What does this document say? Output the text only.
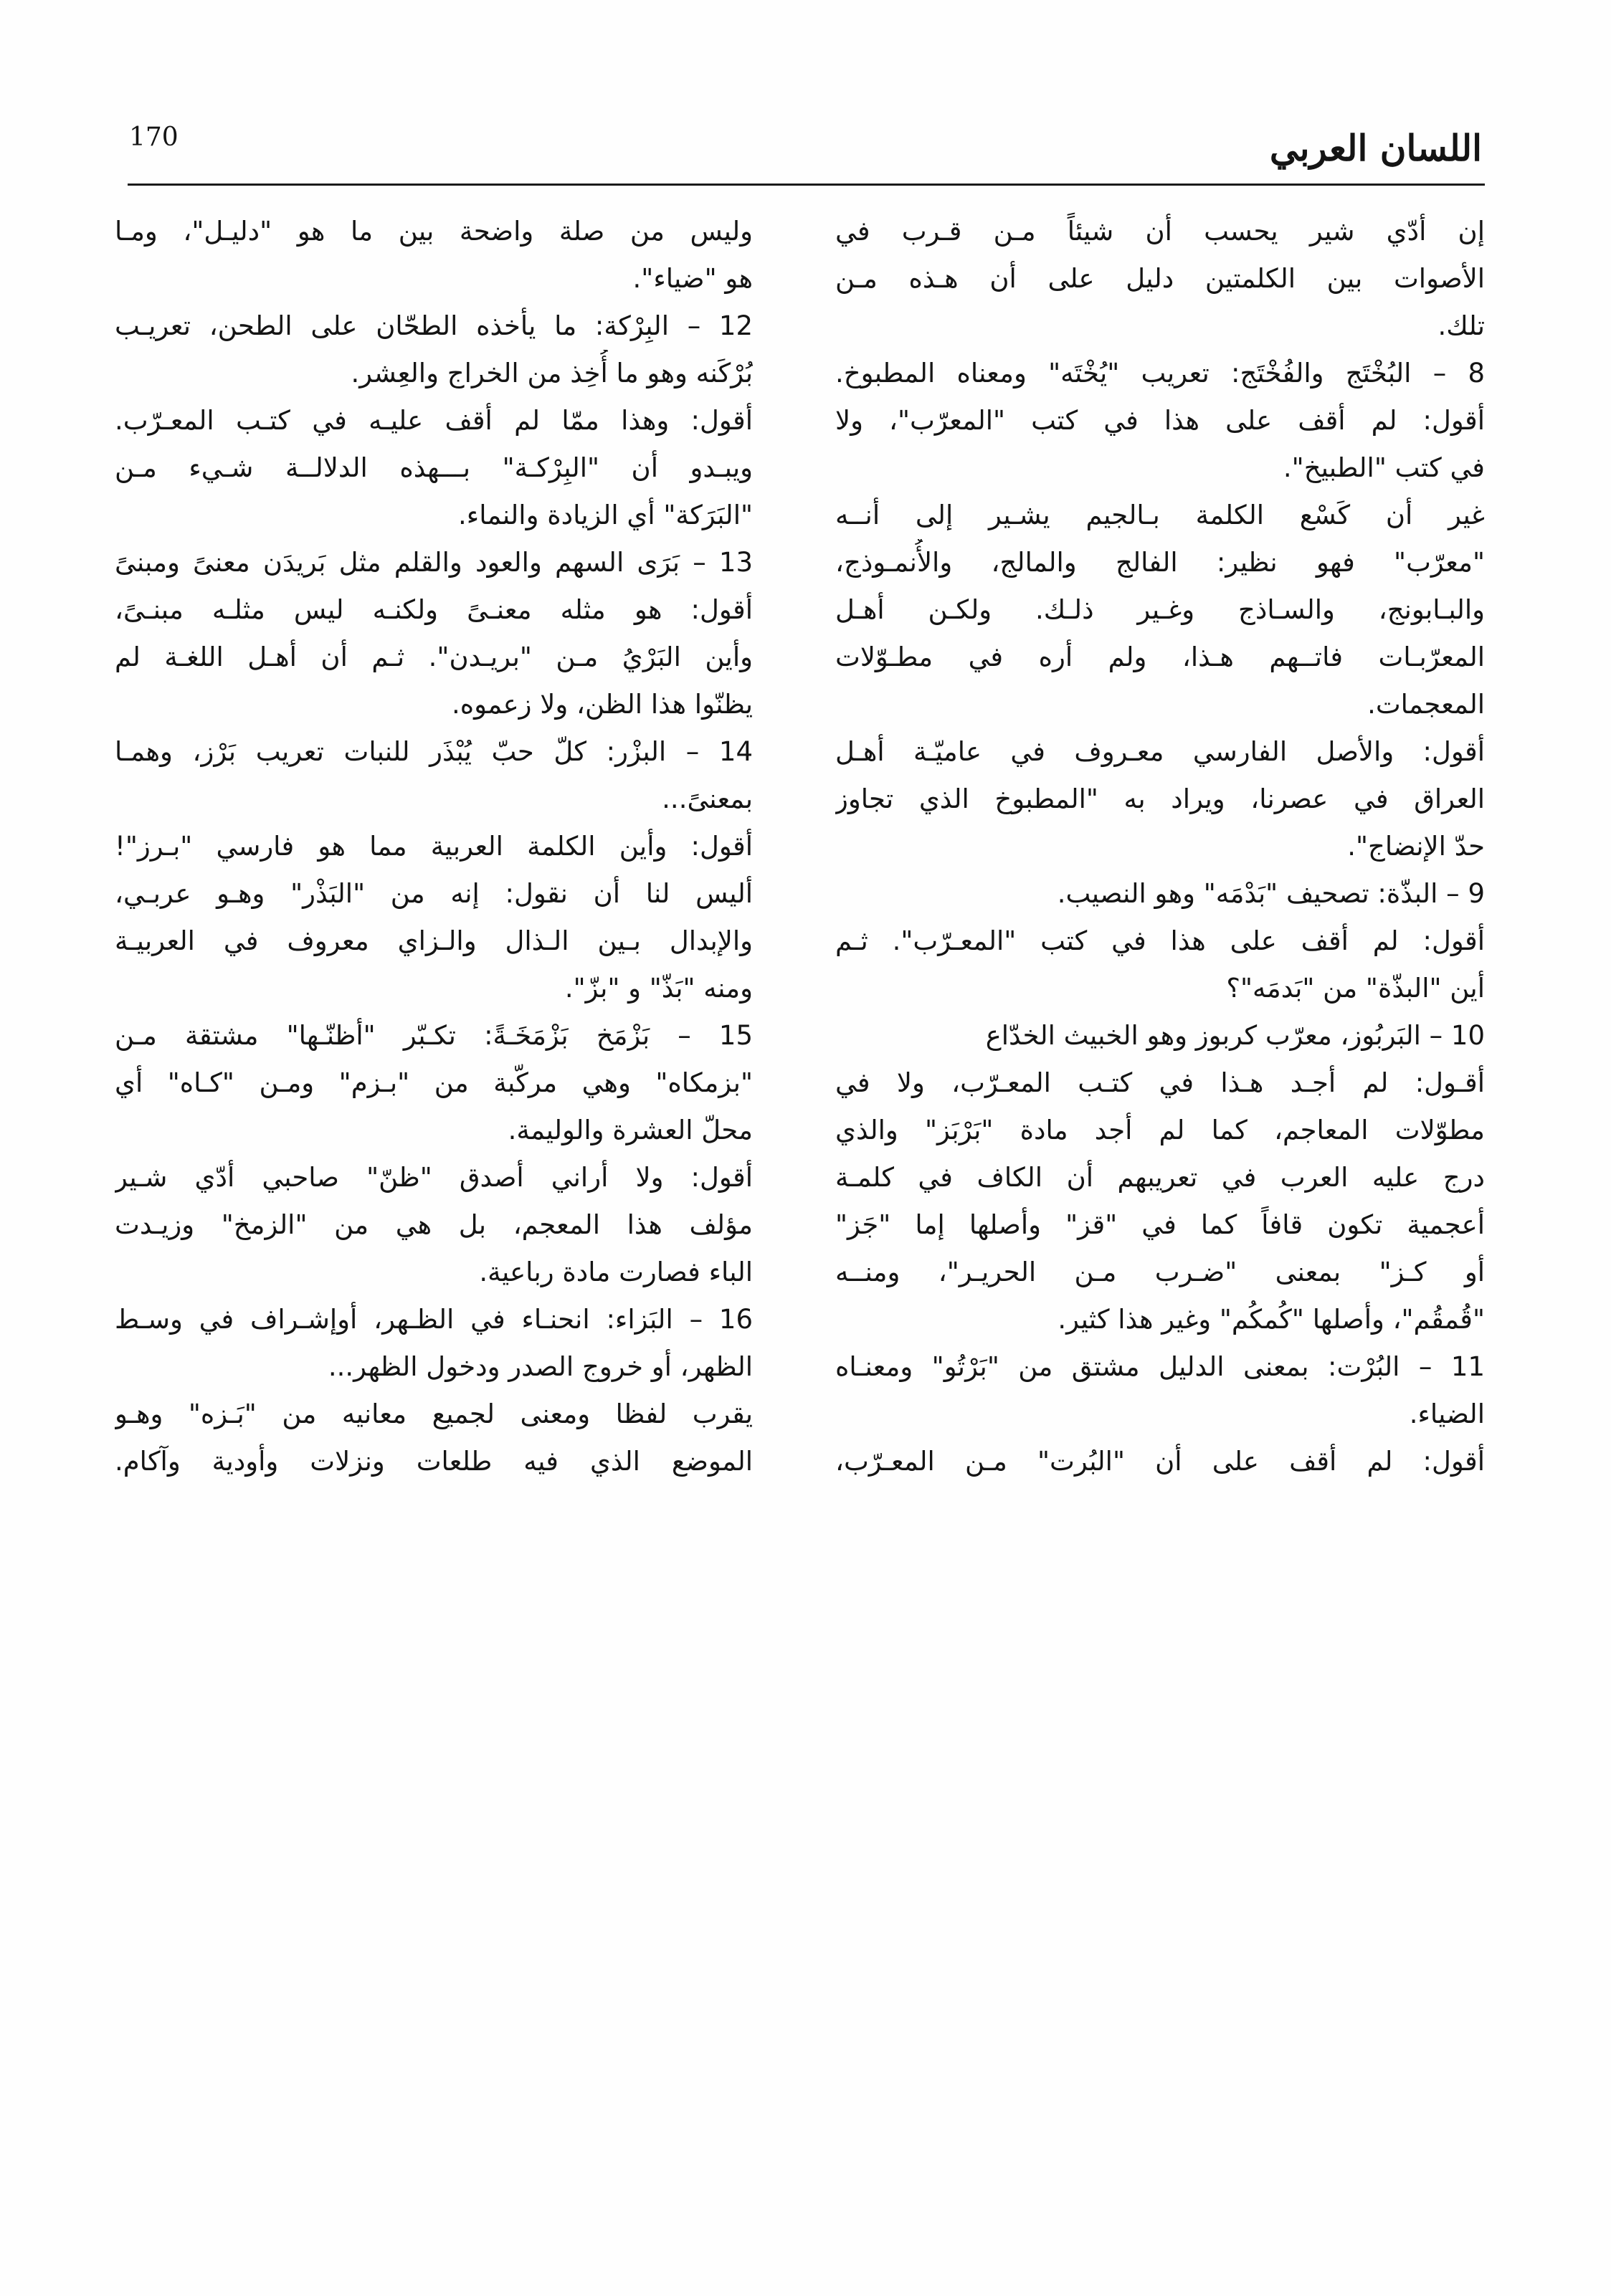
170	اللسان العربي
إن أدّي شير يحسب أن شيئاً مـن قـرب في
الأصوات بين الكلمتين دليل على أن هـذه مـن
تلك.
8 – البُخْتَج والفُخْتَج: تعريب "يُخْتَه" ومعناه المطبوخ.
أقول: لم أقف على هذا في كتب "المعرّب"، ولا
في كتب "الطبيخ".
غير أن كَسْع الكلمة بـالجيم يشـير إلى أنــه
"معرّب" فهو نظير: الفالج والمالج، والأُنمـوذج،
والبـابونج، والسـاذج وغـير ذلـك. ولكـن أهـل
المعرّبـات فاتــهم هـذا، ولم أره في مطـوّلات
المعجمات.
أقول: والأصل الفارسي معـروف في عاميّـة أهـل
العراق في عصرنا، ويراد به "المطبوخ الذي تجاوز
حدّ الإنضاج".
9 – البذّة: تصحيف "بَدْمَه" وهو النصيب.
أقول: لم أقف على هذا في كتب "المعـرّب". ثـم
أين "البذّة" من "بَدمَه"؟
10 – البَربُوز، معرّب كربوز وهو الخبيث الخدّاع
أقـول: لم أجـد هـذا في كتـب المعـرّب، ولا في
مطوّلات المعاجم، كما لم أجد مادة "بَرْبَز" والذي
درج عليه العرب في تعريبهم أن الكاف في كلمـة
أعجمية تكون قافاً كما في "قز" وأصلها إما "جَز"
أو كـز" بمعنى "ضـرب مـن الحريـر"، ومنــه
"قُمقُم"، وأصلها "كُمكُم" وغير هذا كثير.
11 – البُرْت: بمعنى الدليل مشتق من "بَرْتُو" ومعنـاه
الضياء.
أقول: لم أقف على أن "البُرت" مـن المعـرّب،
وليس من صلة واضحة بين ما هو "دليـل"، ومـا
هو "ضياء".
12 – البِرْكة: ما يأخذه الطحّان على الطحن، تعريـب
بُرْكَنه وهو ما أُخِذ من الخراج والعِشر.
أقول: وهذا ممّا لم أقف عليـه في كتـب المعـرّب.
ويبـدو أن "البِرْكـة" بـــهذه الدلالــة شـيء مـن
"البَرَكة" أي الزيادة والنماء.
13 – بَرَى السهم والعود والقلم مثل بَريدَن معنىً ومبنىً
أقول: هو مثله معنـىً ولكنـه ليس مثلـه مبنـىً،
وأين البَرْيُ مـن "بريـدن". ثـم أن أهـل اللغـة لم
يظنّوا هذا الظن، ولا زعموه.
14 – البزْر: كلّ حبّ يُبْذَر للنبات تعريب بَرْز، وهمـا
بمعنىً...
أقول: وأين الكلمة العربية مما هو فارسي "بـرز"!
أليس لنا أن نقول: إنه من "البَذْر" وهـو عربـي،
والإبدال بـين الـذال والـزاي معروف في العربيـة
ومنه "بَذّ" و "بزّ".
15 – بَزْمَخ بَزْمَخَـةً: تكـبّر "أظنّـها" مشتقة مـن
"بزمكاه" وهي مركّبة من "بـزم" ومـن "كـاه" أي
محلّ العشرة والوليمة.
أقول: ولا أراني أصدق "ظنّ" صاحبي أدّي شـير
مؤلف هذا المعجم، بل هي من "الزمخ" وزيـدت
الباء فصارت مادة رباعية.
16 – البَزاء: انحنـاء في الظـهر، أوإشـراف في وسـط
الظهر، أو خروج الصدر ودخول الظهر...
يقرب لفظا ومعنى لجميع معانيه من "بَـزه" وهـو
الموضع الذي فيه طلعات ونزلات وأودية وآكام.
